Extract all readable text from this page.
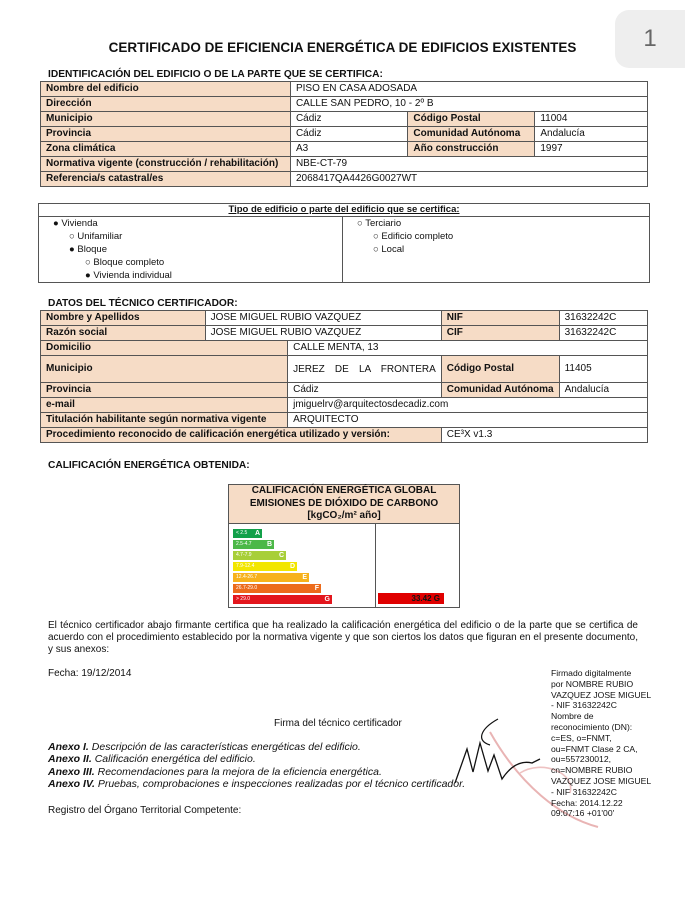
1
CERTIFICADO DE EFICIENCIA ENERGÉTICA DE EDIFICIOS EXISTENTES
IDENTIFICACIÓN DEL EDIFICIO O DE LA PARTE QUE SE CERTIFICA:
Nombre del edificio	PISO EN CASA ADOSADA		
Dirección	CALLE SAN PEDRO, 10 - 2º B		
Municipio	Cádiz	Código Postal	11004
Provincia	Cádiz	Comunidad Autónoma	Andalucía
Zona climática	A3	Año construcción	1997
Normativa vigente (construcción / rehabilitación)	NBE-CT-79		
Referencia/s catastral/es	2068417QA4426G0027WT		
Tipo de edificio o parte del edificio que se certifica:
● Vivienda
○ Unifamiliar
● Bloque
○ Bloque completo
● Vivienda individual
○ Terciario
○ Edificio completo
○ Local
DATOS DEL TÉCNICO CERTIFICADOR:
Nombre y Apellidos	JOSE MIGUEL RUBIO VAZQUEZ		NIF	31632242C
Razón social	JOSE MIGUEL RUBIO VAZQUEZ		CIF	31632242C
Domicilio		CALLE MENTA, 13		
Municipio		JEREZ DE LA FRONTERA	Código Postal	11405
Provincia		Cádiz	Comunidad Autónoma	Andalucía
e-mail		jmiguelrv@arquitectosdecadiz.com		
Titulación habilitante según normativa vigente		ARQUITECTO		
Procedimiento reconocido de calificación energética utilizado y versión:			CE³X v1.3	
CALIFICACIÓN ENERGÉTICA OBTENIDA:
CALIFICACIÓN ENERGÉTICA GLOBAL
EMISIONES DE DIÓXIDO DE CARBONO
[kgCO₂/m² año]
< 2.5 A
2.5-4.7 B
4.7-7.9	C
7.9-12.4	D
12.4-26.7	E
26.7-29.0	F
> 29.0	G	33.42 G
El técnico certificador abajo firmante certifica que ha realizado la calificación energética del edificio o de la parte que se certifica de acuerdo con el procedimiento establecido por la normativa vigente y que son ciertos los datos que figuran en el presente documento, y sus anexos:
Fecha: 19/12/2014
Firma del técnico certificador
Anexo I. Descripción de las características energéticas del edificio.
Anexo II. Calificación energética del edificio.
Anexo III. Recomendaciones para la mejora de la eficiencia energética.
Anexo IV. Pruebas, comprobaciones e inspecciones realizadas por el técnico certificador.
Registro del Órgano Territorial Competente:
Firmado digitalmente
por NOMBRE RUBIO
VAZQUEZ JOSE MIGUEL
- NIF 31632242C
Nombre de
reconocimiento (DN):
c=ES, o=FNMT,
ou=FNMT Clase 2 CA,
ou=557230012,
cn=NOMBRE RUBIO
VAZQUEZ JOSE MIGUEL
- NIF 31632242C
Fecha: 2014.12.22
09:07:16 +01'00'
